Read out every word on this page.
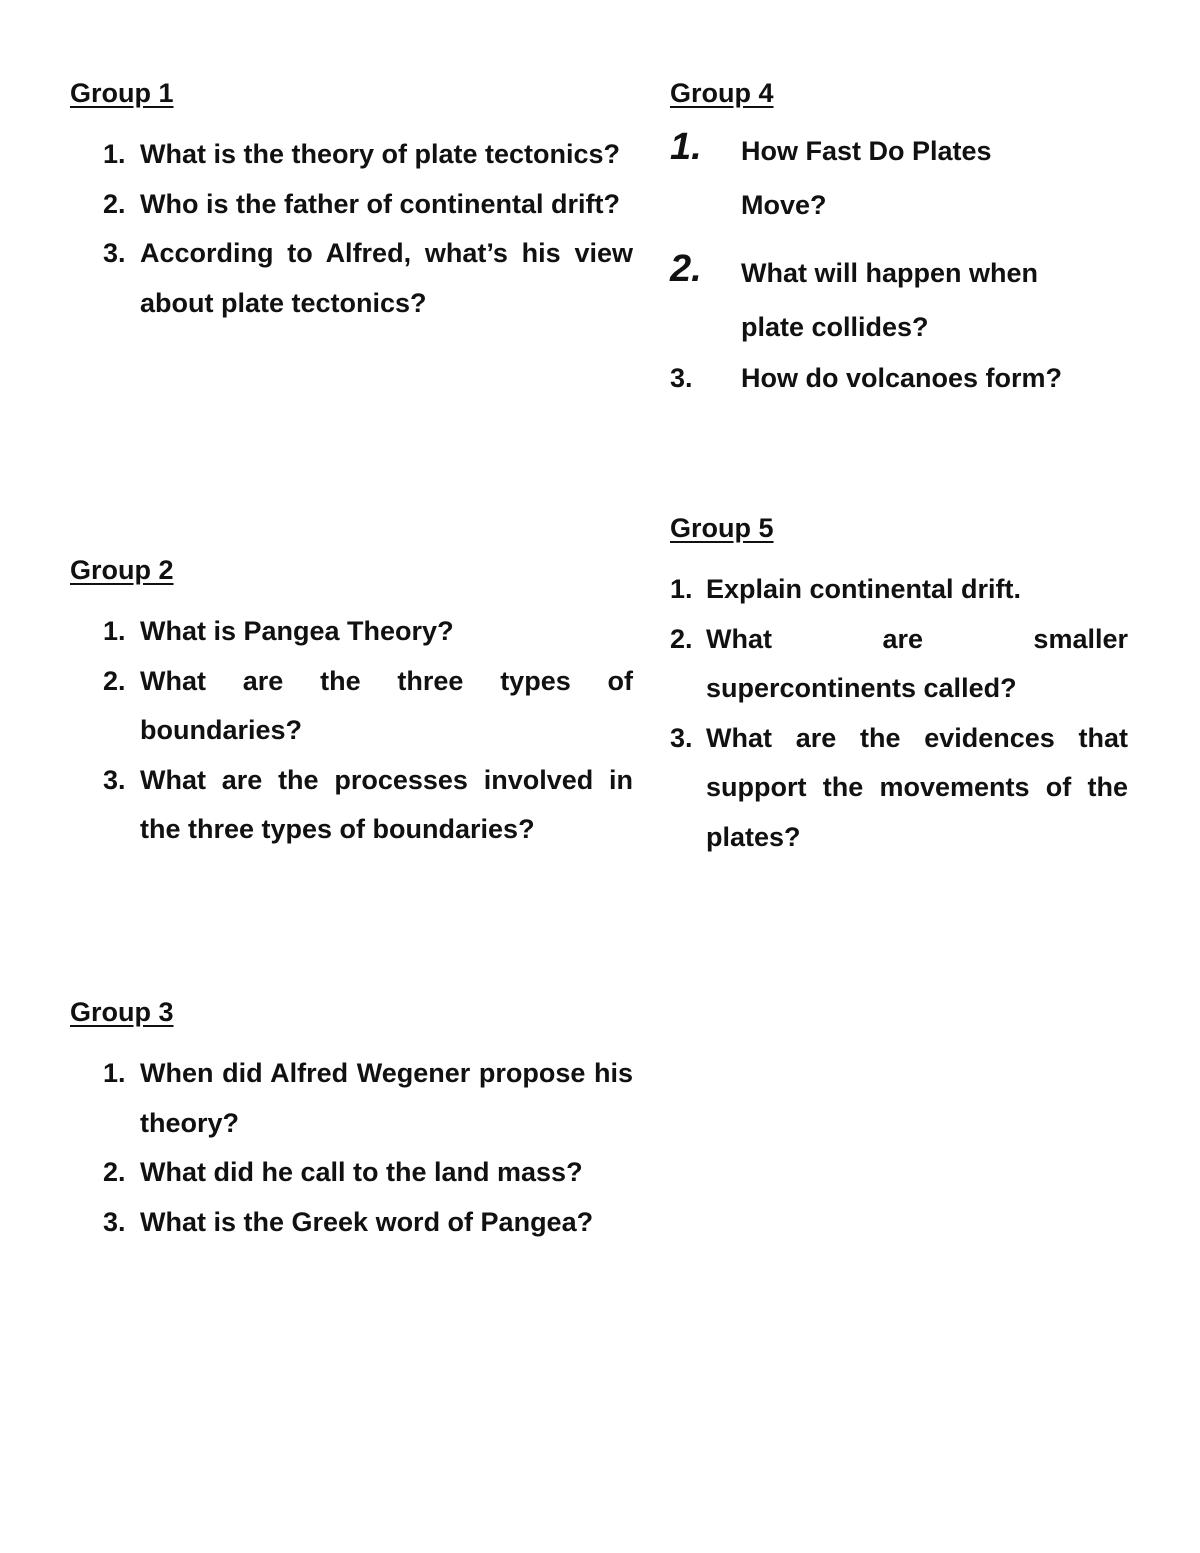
Group 1
1. What is the theory of plate tectonics?
2. Who is the father of continental drift?
3. According to Alfred, what’s his view about plate tectonics?
Group 2
1. What is Pangea Theory?
2. What are the three types of boundaries?
3. What are the processes involved in the three types of boundaries?
Group 3
1. When did Alfred Wegener propose his theory?
2. What did he call to the land mass?
3. What is the Greek word of Pangea?
Group 4
1. How Fast Do Plates Move?
2. What will happen when plate collides?
3. How do volcanoes form?
Group 5
1. Explain continental drift.
2. What are smaller supercontinents called?
3. What are the evidences that support the movements of the plates?
